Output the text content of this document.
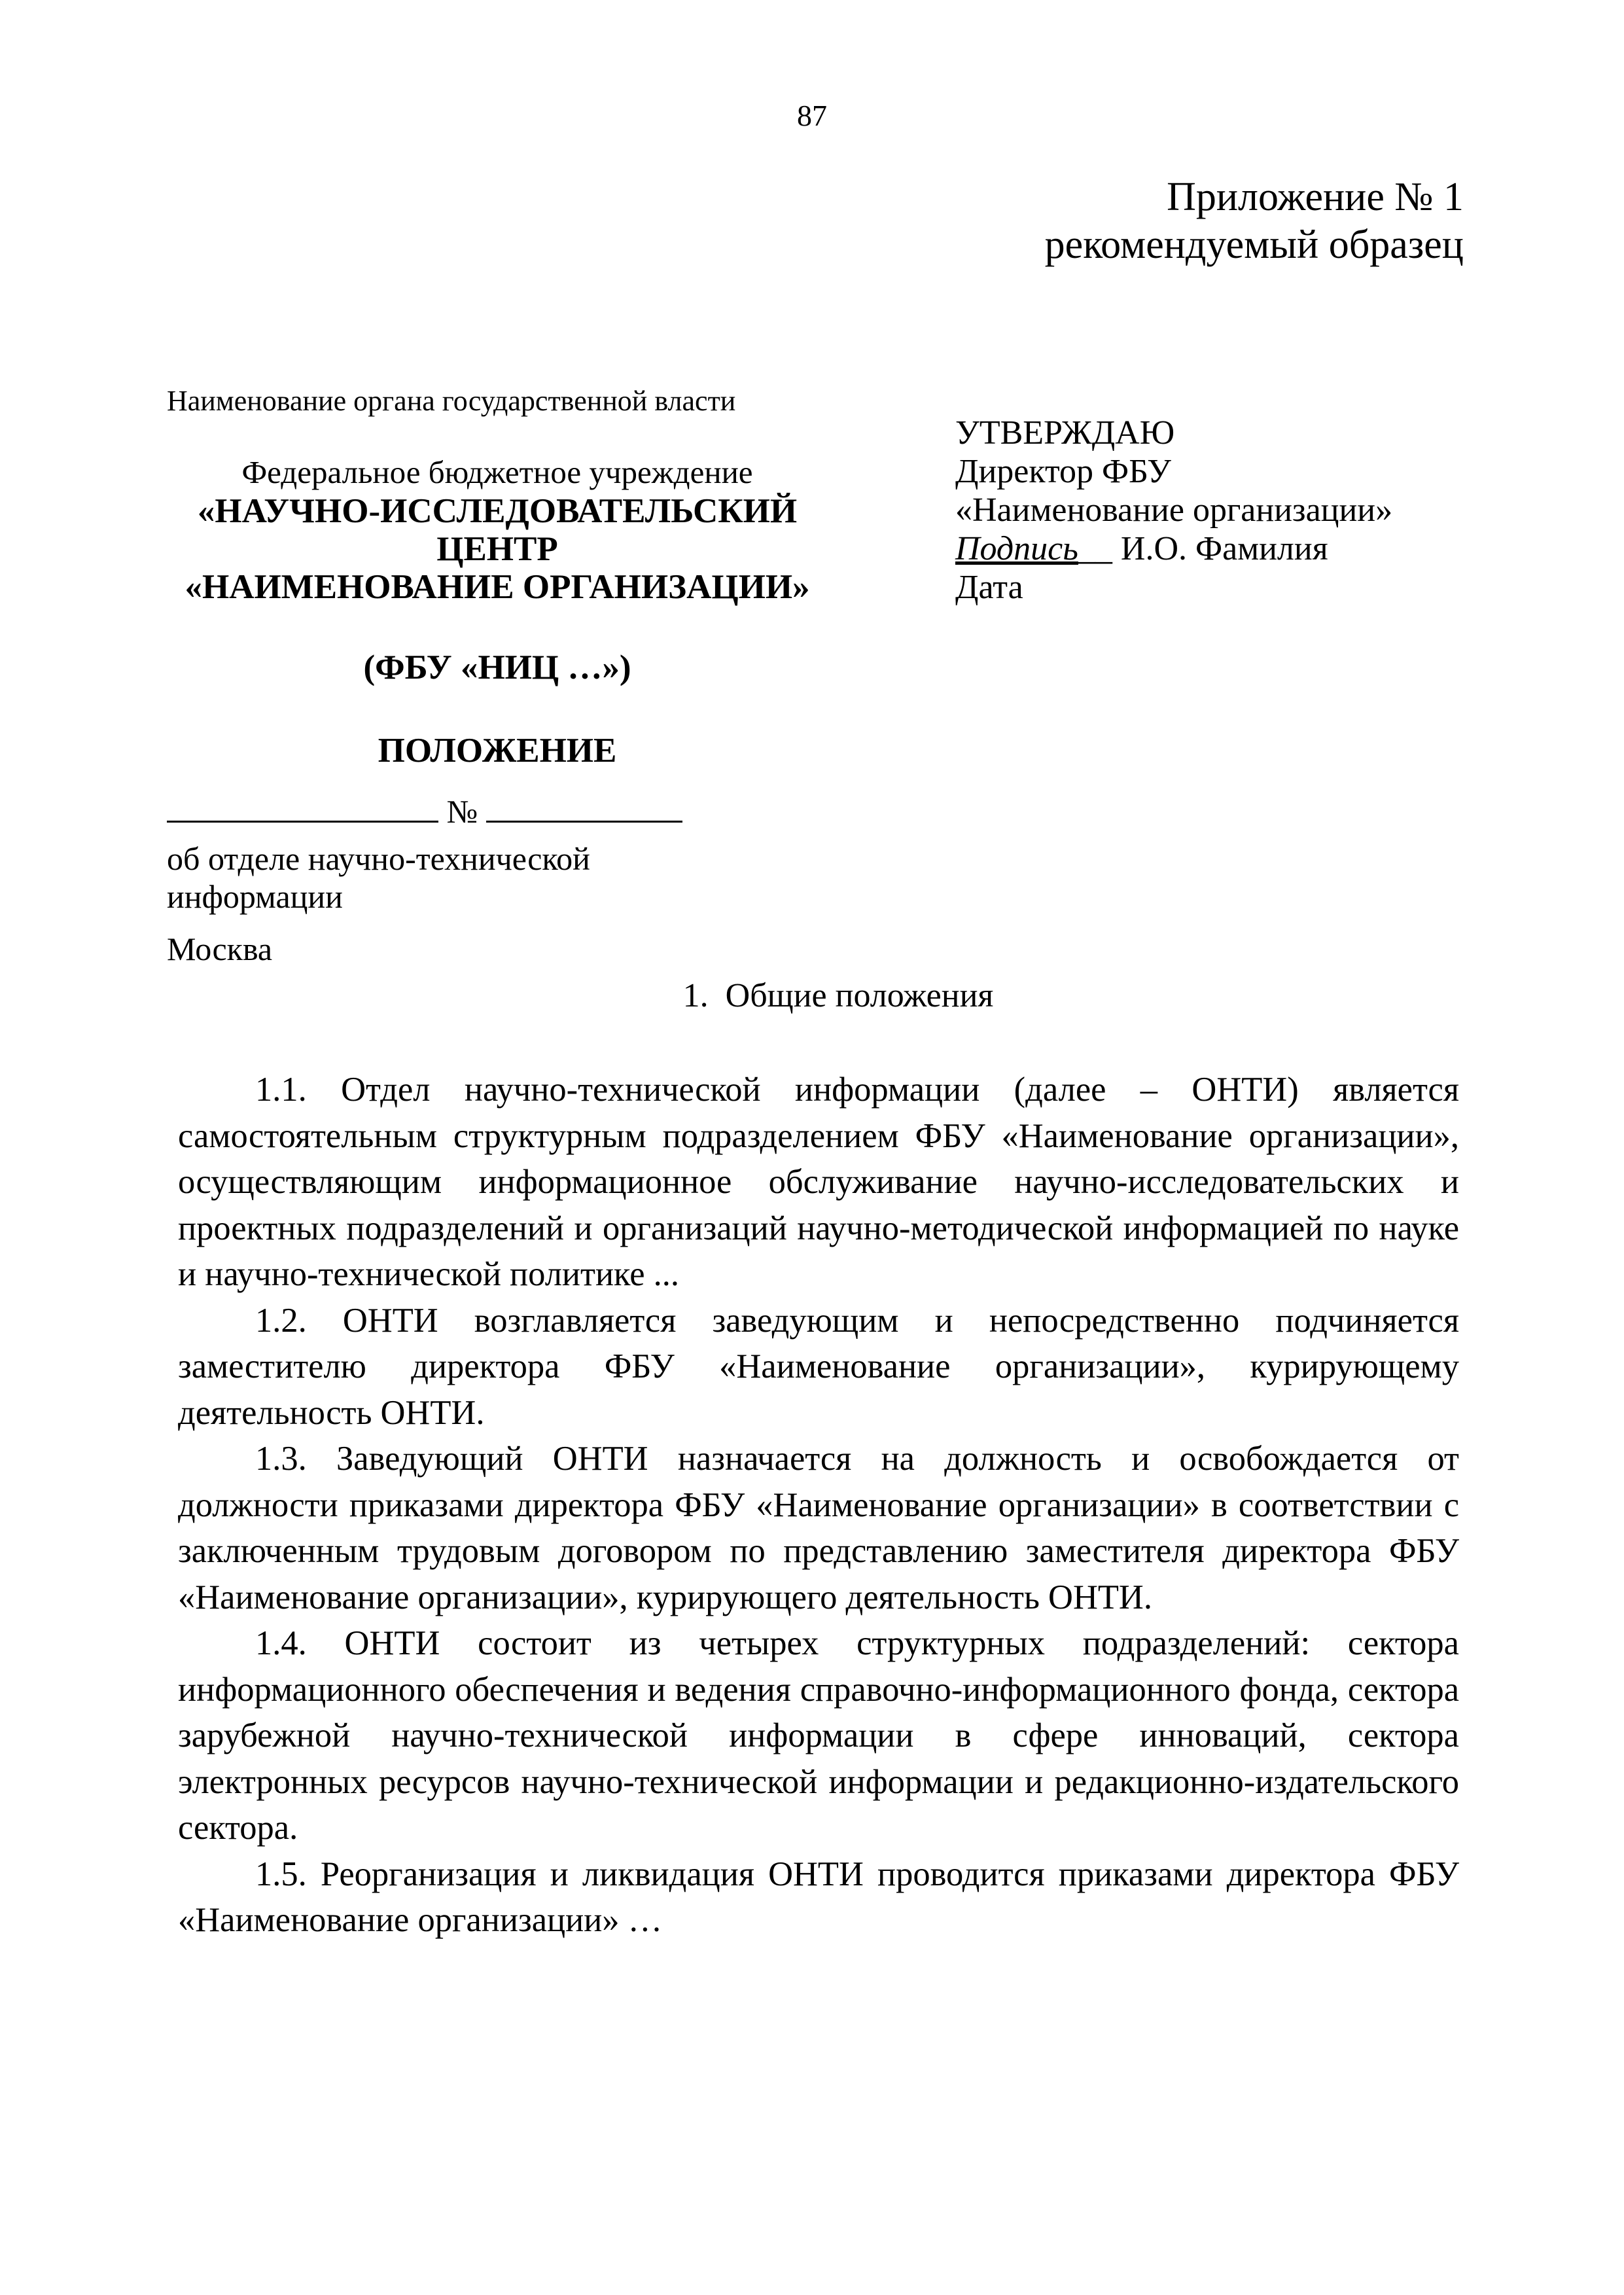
87
Приложение № 1
рекомендуемый образец
Наименование органа государственной власти
Федеральное бюджетное учреждение
«НАУЧНО-ИССЛЕДОВАТЕЛЬСКИЙ
ЦЕНТР
«НАИМЕНОВАНИЕ ОРГАНИЗАЦИИ»
(ФБУ «НИЦ …»)
ПОЛОЖЕНИЕ
УТВЕРЖДАЮ
Директор ФБУ
«Наименование организации»
Подпись__ И.О. Фамилия
Дата
№
об отделе научно-технической
информации
Москва
1. Общие положения

1.1. Отдел научно-технической информации (далее – ОНТИ) является самостоятельным структурным подразделением ФБУ «Наименование организации», осуществляющим информационное обслуживание научно-исследовательских и проектных подразделений и организаций научно-методической информацией по науке и научно-технической политике ...

1.2. ОНТИ возглавляется заведующим и непосредственно подчиняется заместителю директора ФБУ «Наименование организации», курирующему деятельность ОНТИ.

1.3. Заведующий ОНТИ назначается на должность и освобождается от должности приказами директора ФБУ «Наименование организации» в соответствии с заключенным трудовым договором по представлению заместителя директора ФБУ «Наименование организации», курирующего деятельность ОНТИ.

1.4. ОНТИ состоит из четырех структурных подразделений: сектора информационного обеспечения и ведения справочно-информационного фонда, сектора зарубежной научно-технической информации в сфере инноваций, сектора электронных ресурсов научно-технической информации и редакционно-издательского сектора.

1.5. Реорганизация и ликвидация ОНТИ проводится приказами директора ФБУ «Наименование организации» …
